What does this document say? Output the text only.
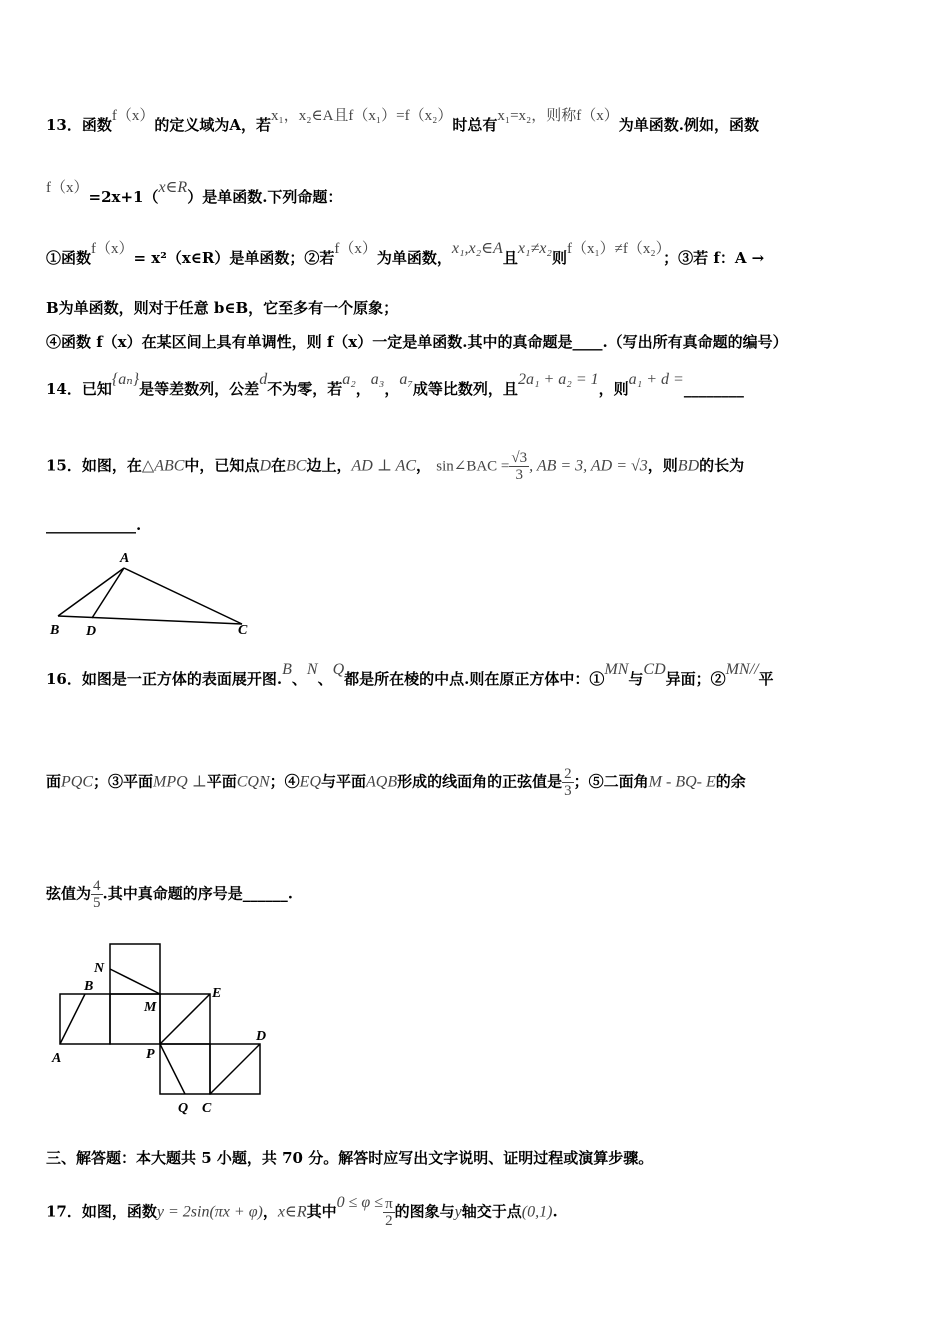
13．函数f（x）的定义域为A，若x₁，x₂∈A且f（x₁）=f（x₂）时总有x₁=x₂，则称f（x）为单函数.例如，函数
f（x）=2x+1（x∈R）是单函数.下列命题：
①函数f（x）= x²（x∈R）是单函数；②若f（x）为单函数，x₁,x₂∈A且x₁≠x₂则f（x₁）≠f（x₂）；③若 f：A →
B为单函数，则对于任意 b∈B，它至多有一个原象；
④函数 f（x）在某区间上具有单调性，则 f（x）一定是单函数.其中的真命题是____.（写出所有真命题的编号）
14．已知{aₙ}是等差数列，公差d不为零，若a₂，a₃，a₇成等比数列，且2a₁ + a₂ = 1，则a₁ + d =________
15．如图，在△ABC中，已知点D在BC边上，AD ⊥ AC， sin∠BAC = $\frac{√3}{3}$ , AB = 3, AD = √3，则BD的长为
____________.
A
B D	C
16．如图是一正方体的表面展开图.B、N、Q都是所在棱的中点.则在原正方体中：①MN与CD异面；②MN//平
面PQC；③平面MPQ ⊥平面CQN；④EQ与平面AQB形成的线面角的正弦值是 $\frac{2}{3}$ ；⑤二面角M - BQ- E的余
弦值为 $\frac{4}{5}$ .其中真命题的序号是______.
N
B
M
E
A	P
D
Q C
三、解答题：本大题共 5 小题，共 70 分。解答时应写出文字说明、证明过程或演算步骤。
17．如图，函数y = 2sin(πx + φ)，x∈R其中$0 \le \varphi \le \frac{\pi}{2}$ 的图象与y轴交于点(0,1).
